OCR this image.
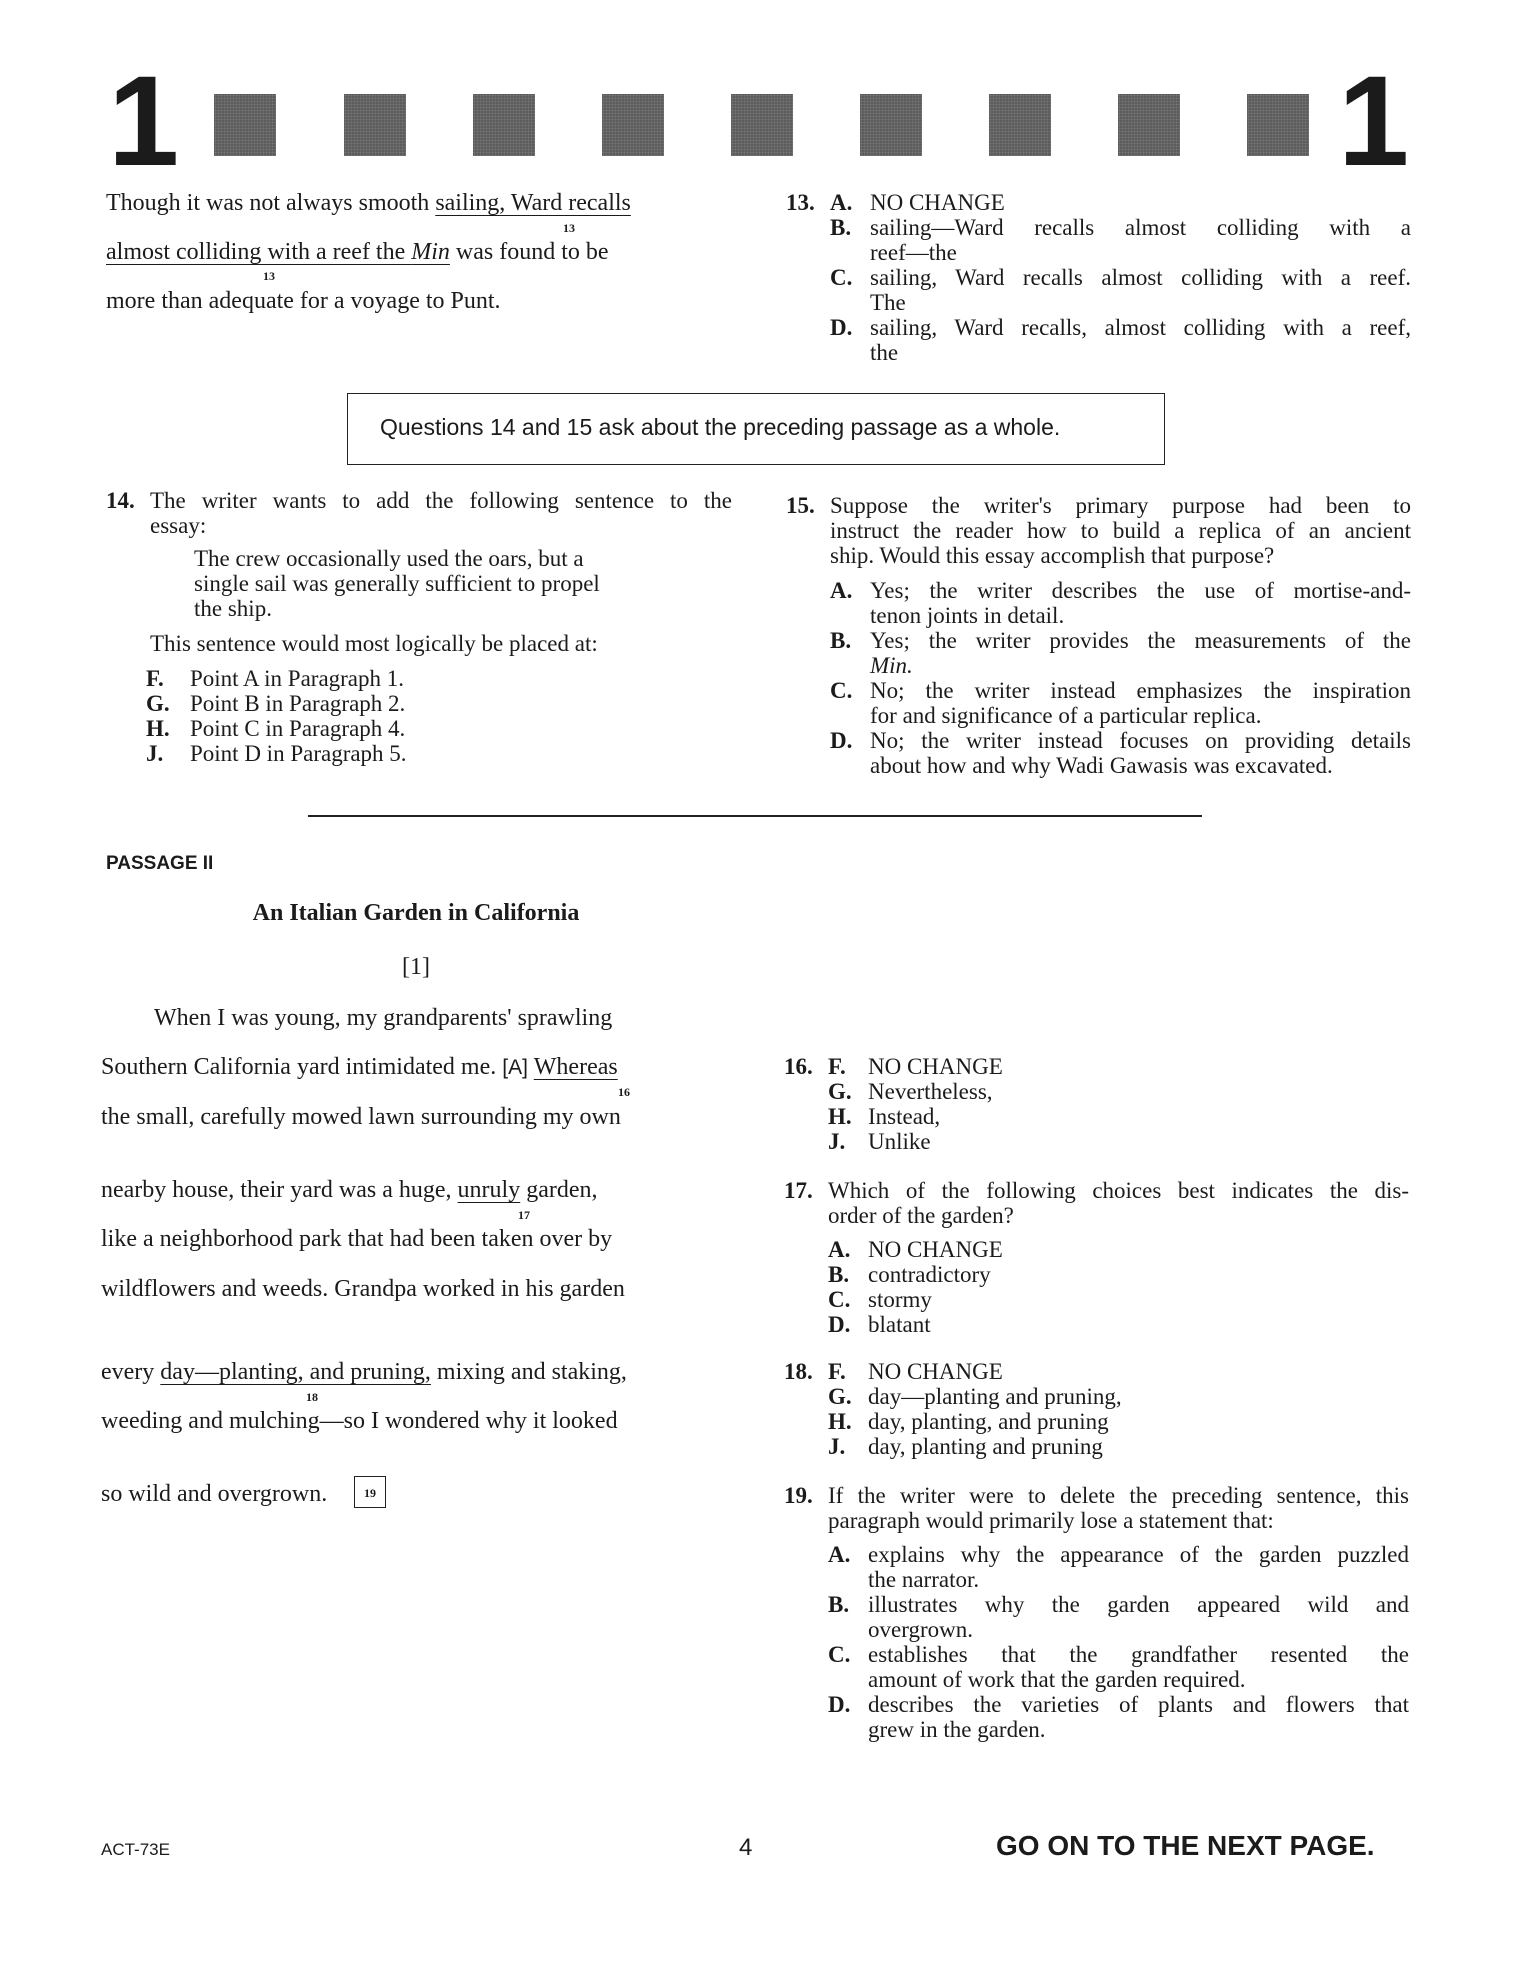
1	1
Though it was not always smooth sailing, Ward recalls
13
almost colliding with a reef the Min was found to be
13
more than adequate for a voyage to Punt.
13. A. NO CHANGE
B. sailing—Ward recalls almost colliding with a
reef—the
C. sailing, Ward recalls almost colliding with a reef.
The
D. sailing, Ward recalls, almost colliding with a reef,
the
Questions 14 and 15 ask about the preceding passage as a whole.
14. The writer wants to add the following sentence to the
essay:
The crew occasionally used the oars, but a
single sail was generally sufficient to propel
the ship.
This sentence would most logically be placed at:
F. Point A in Paragraph 1.
G. Point B in Paragraph 2.
H. Point C in Paragraph 4.
J. Point D in Paragraph 5.
15. Suppose the writer's primary purpose had been to
instruct the reader how to build a replica of an ancient
ship. Would this essay accomplish that purpose?
A. Yes; the writer describes the use of mortise-and-
tenon joints in detail.
B. Yes; the writer provides the measurements of the
Min.
C. No; the writer instead emphasizes the inspiration
for and significance of a particular replica.
D. No; the writer instead focuses on providing details
about how and why Wadi Gawasis was excavated.
PASSAGE II
An Italian Garden in California
[1]
When I was young, my grandparents' sprawling
Southern California yard intimidated me. [A] Whereas
16
the small, carefully mowed lawn surrounding my own
nearby house, their yard was a huge, unruly garden,
17
like a neighborhood park that had been taken over by
wildflowers and weeds. Grandpa worked in his garden
every day—planting, and pruning, mixing and staking,
18
weeding and mulching—so I wondered why it looked
so wild and overgrown.	19
16. F. NO CHANGE
G. Nevertheless,
H. Instead,
J. Unlike
17. Which of the following choices best indicates the dis-
order of the garden?
A. NO CHANGE
B. contradictory
C. stormy
D. blatant
18. F. NO CHANGE
G. day—planting and pruning,
H. day, planting, and pruning
J. day, planting and pruning
19. If the writer were to delete the preceding sentence, this
paragraph would primarily lose a statement that:
A. explains why the appearance of the garden puzzled
the narrator.
B. illustrates why the garden appeared wild and
overgrown.
C. establishes that the grandfather resented the
amount of work that the garden required.
D. describes the varieties of plants and flowers that
grew in the garden.
ACT-73E	4	GO ON TO THE NEXT PAGE.
